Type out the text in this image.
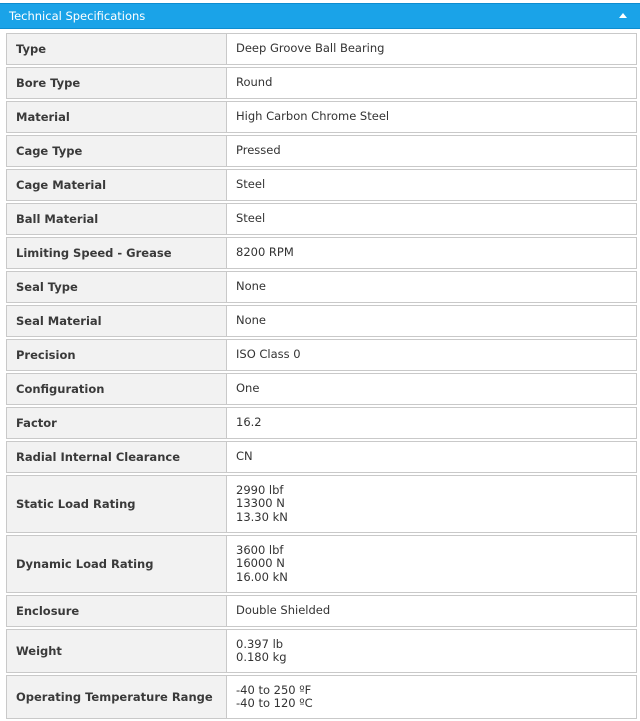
Technical Specifications
Type	Deep Groove Ball Bearing

Bore Type	Round

Material	High Carbon Chrome Steel

Cage Type	Pressed

Cage Material	Steel

Ball Material	Steel

Limiting Speed - Grease	8200 RPM

Seal Type	None

Seal Material	None

Precision	ISO Class 0

Configuration	One

Factor	16.2

Radial Internal Clearance	CN

Static Load Rating	2990 lbf
13300 N
13.30 kN

Dynamic Load Rating	3600 lbf
16000 N
16.00 kN

Enclosure	Double Shielded

Weight	0.397 lb
0.180 kg

Operating Temperature Range	-40 to 250 ºF
-40 to 120 ºC
